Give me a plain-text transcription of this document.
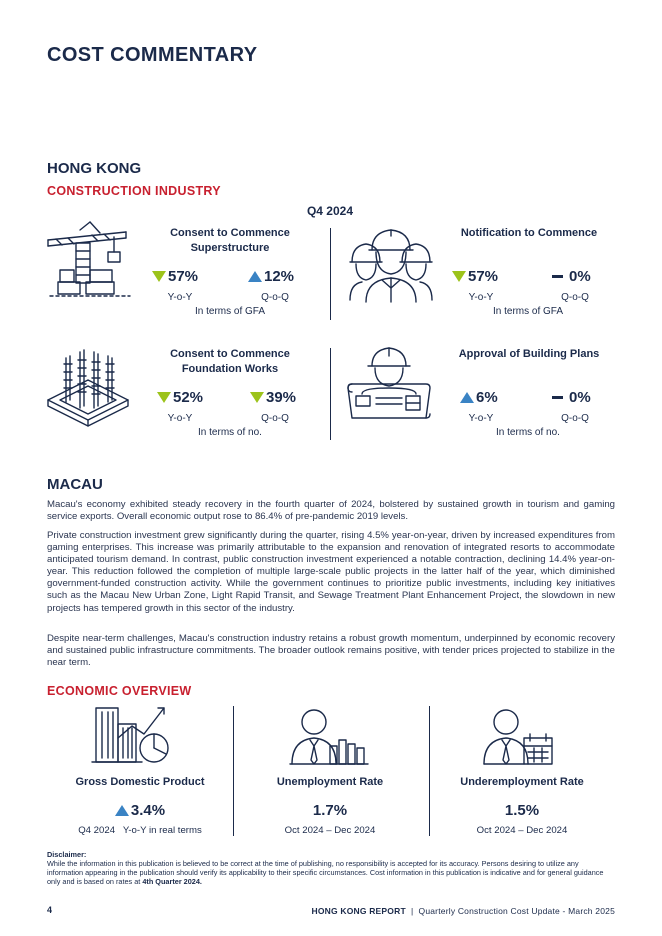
COST COMMENTARY
HONG KONG
CONSTRUCTION INDUSTRY
Q4 2024
Consent to Commence Superstructure
57%	12%
Y-o-Y	Q-o-Q
In terms of GFA
Notification to Commence
57%	0%
Y-o-Y	Q-o-Q
In terms of GFA
Consent to Commence Foundation Works
52%	39%
Y-o-Y	Q-o-Q
In terms of no.
Approval of Building Plans
6%	0%
Y-o-Y	Q-o-Q
In terms of no.
MACAU

Macau's economy exhibited steady recovery in the fourth quarter of 2024, bolstered by sustained growth in tourism and gaming service exports. Overall economic output rose to 86.4% of pre-pandemic 2019 levels.

Private construction investment grew significantly during the quarter, rising 4.5% year-on-year, driven by increased expenditures from gaming enterprises. This increase was primarily attributable to the expansion and renovation of integrated resorts to accommodate anticipated tourism demand. In contrast, public construction investment experienced a notable contraction, declining 14.4% year-on-year. This reduction followed the completion of multiple large-scale public projects in the latter half of the year, which diminished government-funded construction activity. While the government continues to prioritize public investments, including key initiatives such as the Macau New Urban Zone, Light Rapid Transit, and Sewage Treatment Plant Enhancement Project, the slowdown in new projects has tempered growth in this sector of the industry.

Despite near-term challenges, Macau's construction industry retains a robust growth momentum, underpinned by economic recovery and sustained public infrastructure commitments. The broader outlook remains positive, with tender prices projected to stabilize in the near term.

ECONOMIC OVERVIEW
Gross Domestic Product
3.4%
Q4 2024   Y-o-Y in real terms
Unemployment Rate
1.7%
Oct 2024 – Dec 2024
Underemployment Rate
1.5%
Oct 2024 – Dec 2024
Disclaimer:
While the information in this publication is believed to be correct at the time of publishing, no responsibility is accepted for its accuracy. Persons desiring to utilize any information appearing in the publication should verify its applicability to their specific circumstances. Cost information in this publication is indicative and for general guidance only and is based on rates at 4th Quarter 2024.
4	HONG KONG REPORT | Quarterly Construction Cost Update - March 2025
